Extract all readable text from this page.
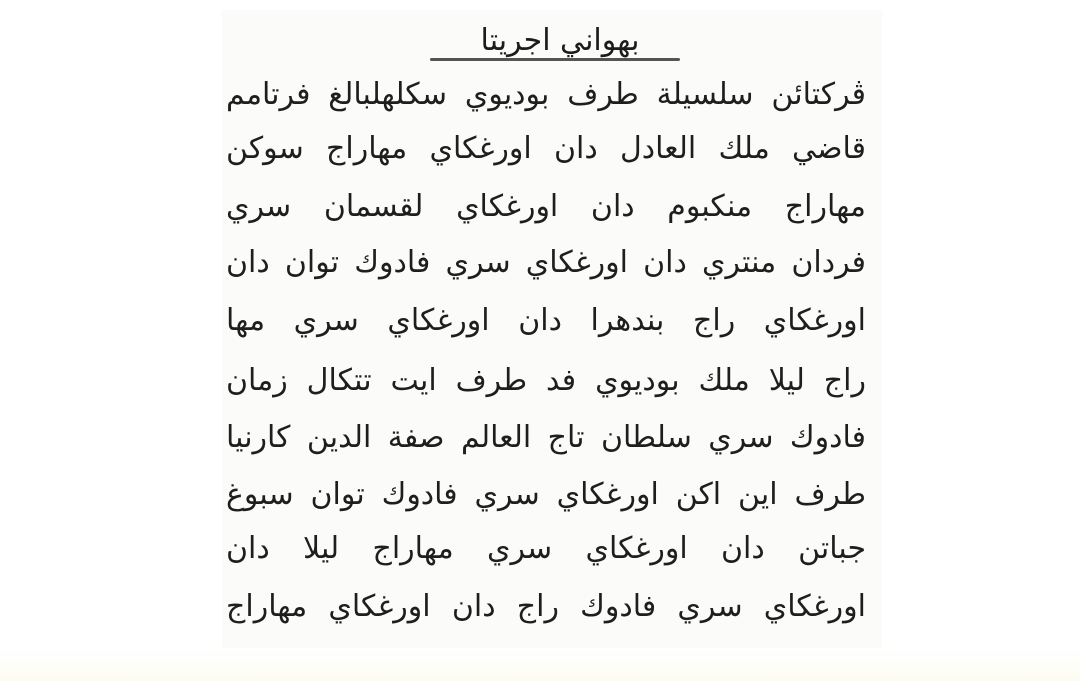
بهواني اجريتا
ڤركتائن سلسيلة طرف بوديوي سكلهلبالغ فرتامم
قاضي ملك العادل دان اورغكاي مهاراج سوكن
مهاراج منكبوم دان اورغكاي لقسمان سري
فردان منتري دان اورغكاي سري فادوك توان دان
اورغكاي راج بندهرا دان اورغكاي سري مها
راج ليلا ملك بوديوي فد طرف ايت تتكال زمان
فادوك سري سلطان تاج العالم صفة الدين كارنيا
طرف اين اكن اورغكاي سري فادوك توان سبوغ
جباتن دان اورغكاي سري مهاراج ليلا دان
اورغكاي سري فادوك راج دان اورغكاي مهاراج
